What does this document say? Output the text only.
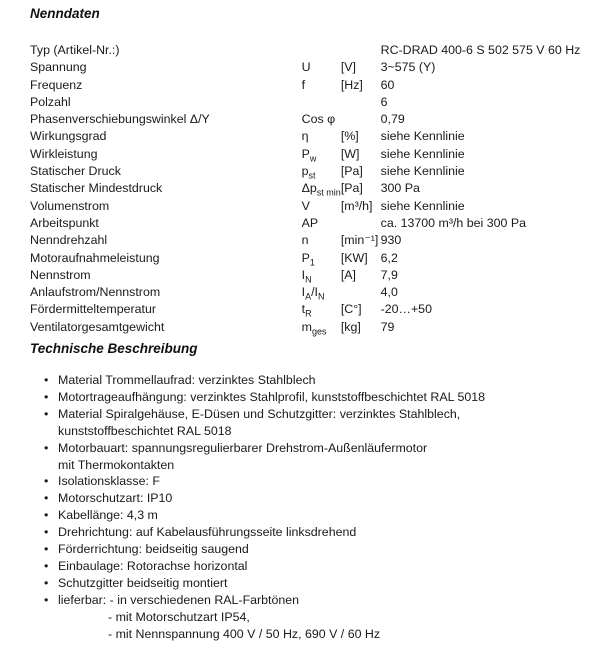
Nenndaten
Typ (Artikel-Nr.:)			RC-DRAD 400-6 S 502 575 V 60 Hz
Spannung	U	[V]	3~575 (Y)
Frequenz	f	[Hz]	60
Polzahl			6
Phasenverschiebungswinkel Δ/Y	Cos φ		0,79
Wirkungsgrad	η	[%]	siehe Kennlinie
Wirkleistung	$P_w$	[W]	siehe Kennlinie
Statischer Druck	$p_{st}$	[Pa]	siehe Kennlinie
Statischer Mindestdruck	$\Delta p_{st min}$	[Pa]	300 Pa
Volumenstrom	V	[m³/h]	siehe Kennlinie
Arbeitspunkt	AP		ca. 13700 m³/h bei 300 Pa
Nenndrehzahl	n	[min⁻¹]	930
Motoraufnahmeleistung	$P_1$	[KW]	6,2
Nennstrom	$I_N$	[A]	7,9
Anlaufstrom/Nennstrom	$I_A/I_N$		4,0
Fördermitteltemperatur	$t_R$	[C°]	-20…+50
Ventilatorgesamtgewicht	$m_{ges}$	[kg]	79
Technische Beschreibung
• Material Trommellaufrad: verzinktes Stahlblech
• Motortrageaufhängung: verzinktes Stahlprofil, kunststoffbeschichtet RAL 5018
• Material Spiralgehäuse, E-Düsen und Schutzgitter: verzinktes Stahlblech,
kunststoffbeschichtet RAL 5018
• Motorbauart: spannungsregulierbarer Drehstrom-Außenläufermotor
mit Thermokontakten
• Isolationsklasse: F
• Motorschutzart: IP10
• Kabellänge: 4,3 m
• Drehrichtung: auf Kabelausführungsseite linksdrehend
• Förderrichtung: beidseitig saugend
• Einbaulage: Rotorachse horizontal
• Schutzgitter beidseitig montiert
• lieferbar: - in verschiedenen RAL-Farbtönen
- mit Motorschutzart IP54,
- mit Nennspannung 400 V / 50 Hz, 690 V / 60 Hz
